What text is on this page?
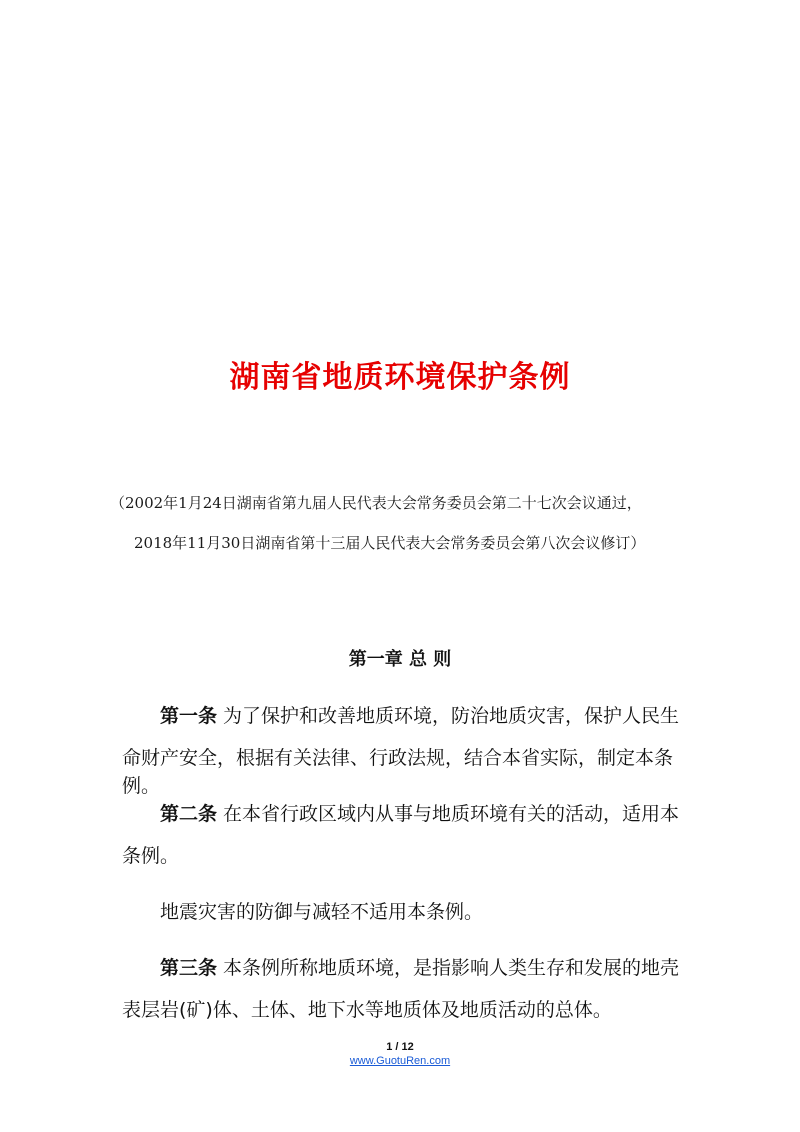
湖南省地质环境保护条例
（2002年1月24日湖南省第九届人民代表大会常务委员会第二十七次会议通过，
2018年11月30日湖南省第十三届人民代表大会常务委员会第八次会议修订）
第一章 总 则
第一条 为了保护和改善地质环境，防治地质灾害，保护人民生
命财产安全，根据有关法律、行政法规，结合本省实际，制定本条例。
第二条 在本省行政区域内从事与地质环境有关的活动，适用本
条例。
地震灾害的防御与减轻不适用本条例。
第三条 本条例所称地质环境，是指影响人类生存和发展的地壳
表层岩(矿)体、土体、地下水等地质体及地质活动的总体。
1 / 12
www.GuotuRen.com
